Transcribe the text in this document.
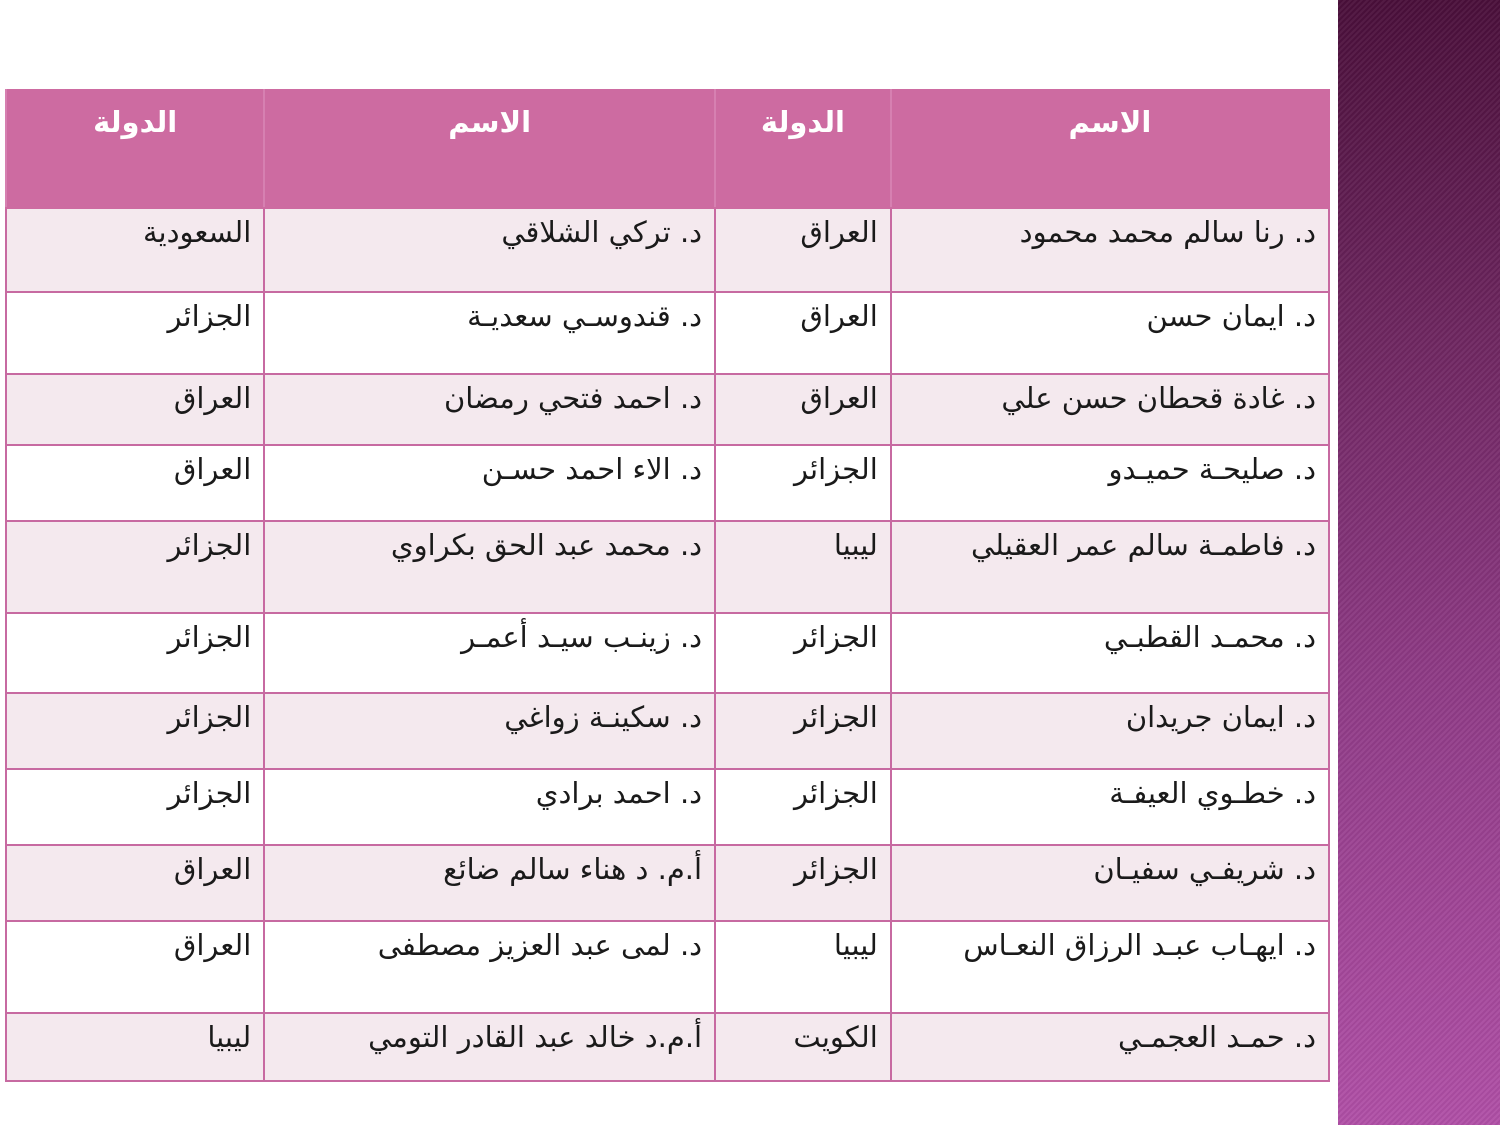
الاسم	الدولة	الاسم	الدولة
د. رنا سالم محمد محمود	العراق	د. تركي الشلاقي	السعودية
د. ايمان حسن	العراق	د. قندوسـي سعديـة	الجزائر
د. غادة قحطان حسن علي	العراق	د. احمد فتحي رمضان	العراق
د. صليحـة حميـدو	الجزائر	د. الاء احمد حسـن	العراق
د. فاطمـة سالم عمر العقيلي	ليبيا	د. محمد عبد الحق بكراوي	الجزائر
د. محمـد القطبـي	الجزائر	د. زينـب سيـد أعمـر	الجزائر
د. ايمان جريدان	الجزائر	د. سكينـة زواغي	الجزائر
د. خطـوي العيفـة	الجزائر	د. احمد برادي	الجزائر
د. شريفـي سفيـان	الجزائر	أ.م. د هناء سالم ضائع	العراق
د. ايهـاب عبـد الرزاق النعـاس	ليبيا	د. لمى عبد العزيز مصطفى	العراق
د. حمـد العجمـي	الكويت	أ.م.د خالد عبد القادر التومي	ليبيا
